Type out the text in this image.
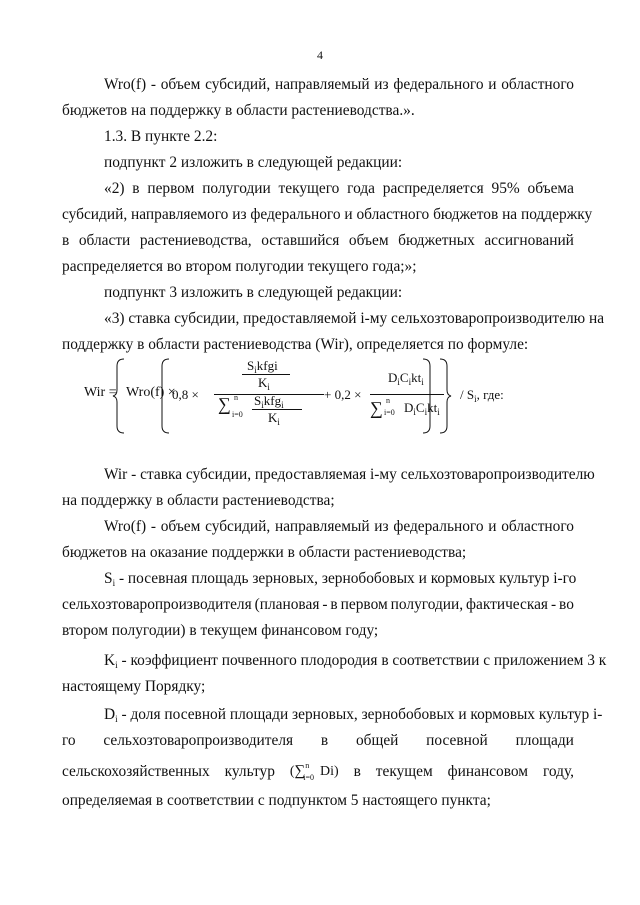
4
Wro(f) - объем субсидий, направляемый из федерального и областного
бюджетов на поддержку в области растениеводства.».
1.3. В пункте 2.2:
подпункт 2 изложить в следующей редакции:
«2) в первом полугодии текущего года распределяется 95% объема
субсидий, направляемого из федерального и областного бюджетов на поддержку
в области растениеводства, оставшийся объем бюджетных ассигнований
распределяется во втором полугодии текущего года;»;
подпункт 3 изложить в следующей редакции:
«3) ставка субсидии, предоставляемой i-му сельхозтоваропроизводителю на
поддержку в области растениеводства (Wir), определяется по формуле:
Wir = Wro(f) ×
0,8 ×
$S_ikfgi$
$K_i$
∑ n
i=0
$S_ikfg_i$
$K_i$
+ 0,2 ×
$D_iC_ikt_i$
∑ n
i=0 $D_iC_ikt_i$
/ $S_i$, где:
Wir - ставка субсидии, предоставляемая i-му сельхозтоваропроизводителю
на поддержку в области растениеводства;
Wro(f) - объем субсидий, направляемый из федерального и областного
бюджетов на оказание поддержки в области растениеводства;
Si - посевная площадь зерновых, зернобобовых и кормовых культур i-го
сельхозтоваропроизводителя (плановая - в первом полугодии, фактическая - во
втором полугодии) в текущем финансовом году;
Ki - коэффициент почвенного плодородия в соответствии с приложением 3 к
настоящему Порядку;
Di - доля посевной площади зерновых, зернобобовых и кормовых культур i-
го сельхозтоваропроизводителя в общей посевной площади
сельскохозяйственных культур (∑$^n_{i=0}$ Di) в текущем финансовом году,
определяемая в соответствии с подпунктом 5 настоящего пункта;
